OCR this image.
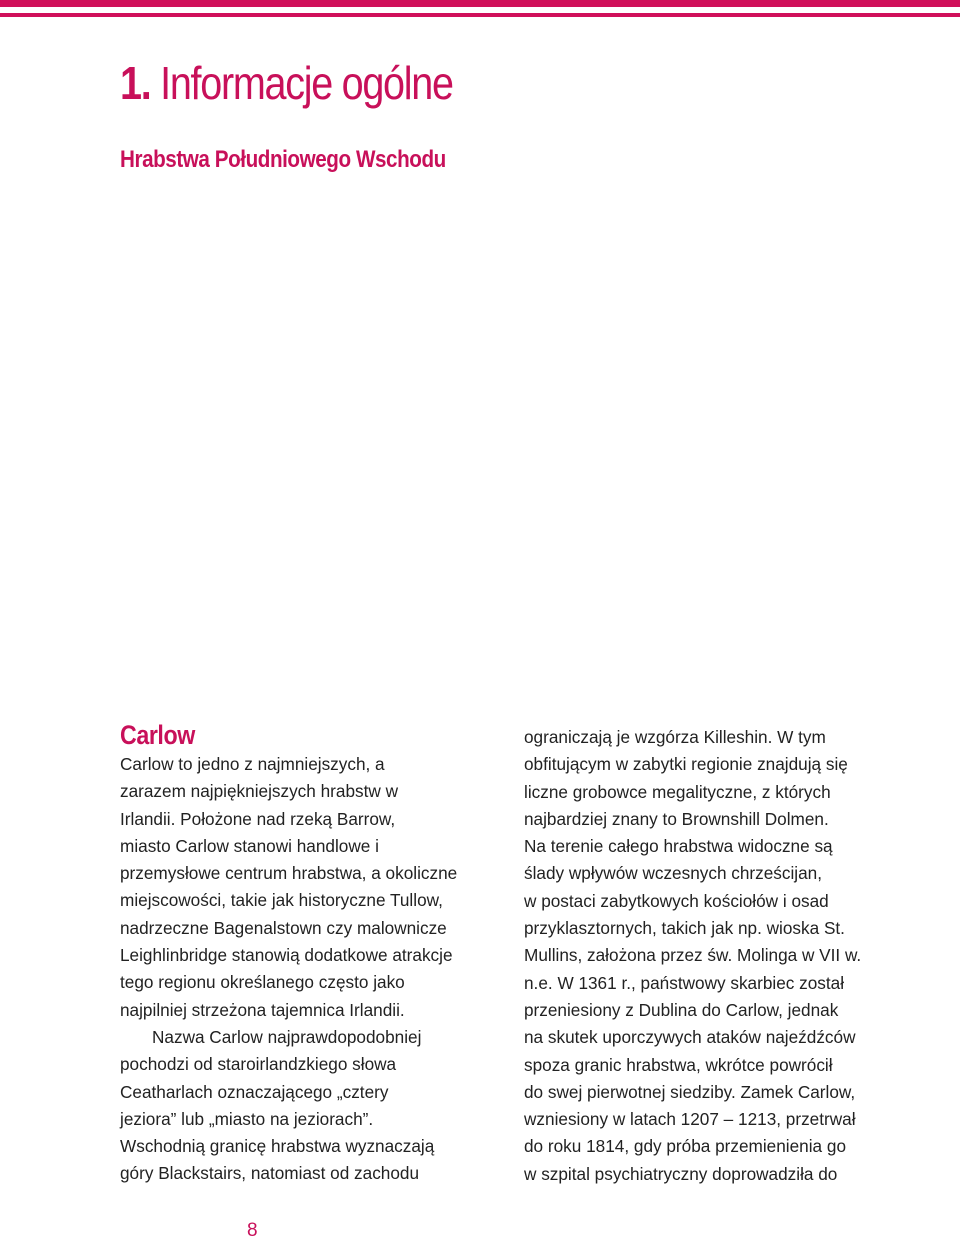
1. Informacje ogólne
Hrabstwa Południowego Wschodu
Carlow

Carlow to jedno z najmniejszych, a
zarazem najpiękniejszych hrabstw w
Irlandii. Położone nad rzeką Barrow,
miasto Carlow stanowi handlowe i
przemysłowe centrum hrabstwa, a okoliczne
miejscowości, takie jak historyczne Tullow,
nadrzeczne Bagenalstown czy malownicze
Leighlinbridge stanowią dodatkowe atrakcje
tego regionu określanego często jako
najpilniej strzeżona tajemnica Irlandii.

Nazwa Carlow najprawdopodobniej
pochodzi od staroirlandzkiego słowa
Ceatharlach oznaczającego „cztery
jeziora” lub „miasto na jeziorach”.
Wschodnią granicę hrabstwa wyznaczają
góry Blackstairs, natomiast od zachodu

ograniczają je wzgórza Killeshin. W tym
obfitującym w zabytki regionie znajdują się
liczne grobowce megalityczne, z których
najbardziej znany to Brownshill Dolmen.
Na terenie całego hrabstwa widoczne są
ślady wpływów wczesnych chrześcijan,
w postaci zabytkowych kościołów i osad
przyklasztornych, takich jak np. wioska St.
Mullins, założona przez św. Molinga w VII w.
n.e. W 1361 r., państwowy skarbiec został
przeniesiony z Dublina do Carlow, jednak
na skutek uporczywych ataków najeźdźców
spoza granic hrabstwa, wkrótce powrócił
do swej pierwotnej siedziby. Zamek Carlow,
wzniesiony w latach 1207 – 1213, przetrwał
do roku 1814, gdy próba przemienienia go
w szpital psychiatryczny doprowadziła do

8
